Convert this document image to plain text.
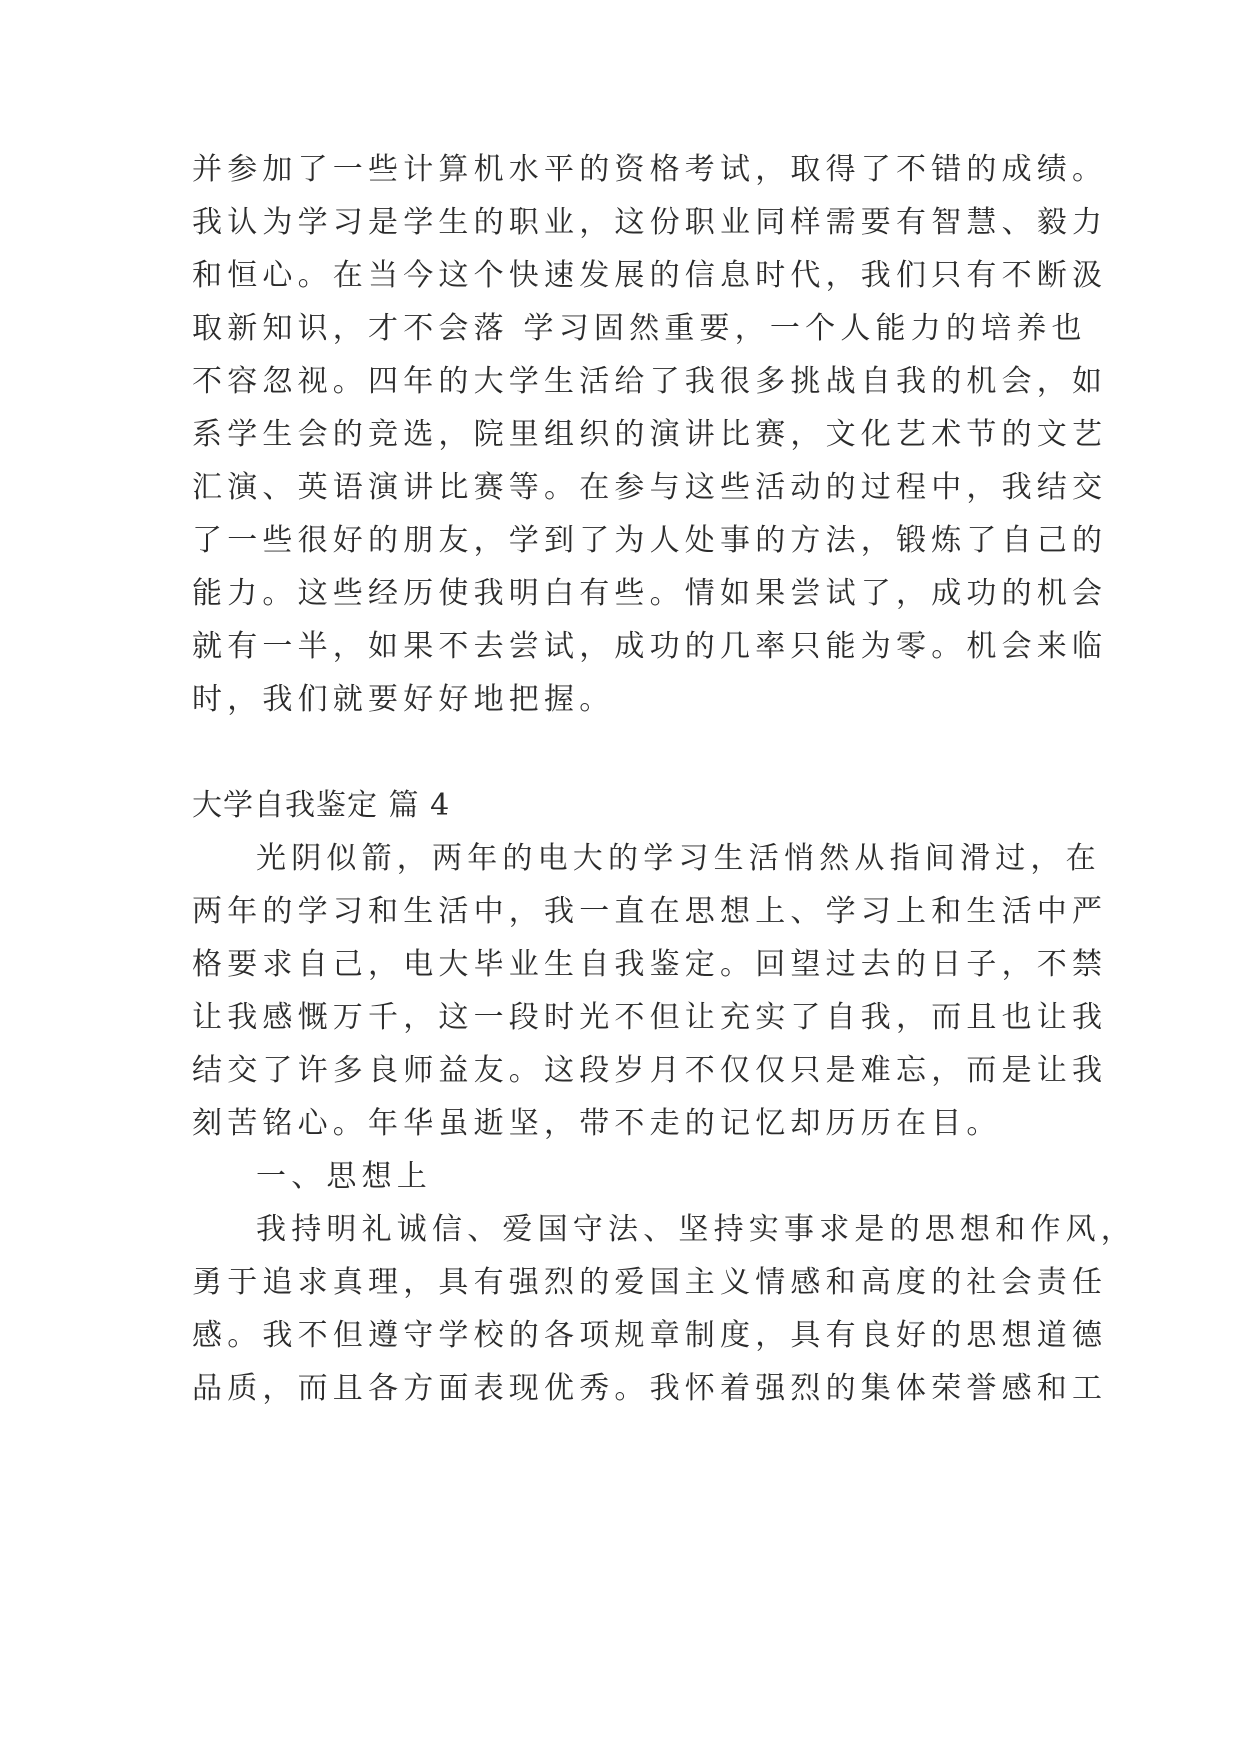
并参加了一些计算机水平的资格考试，取得了不错的成绩。
我认为学习是学生的职业，这份职业同样需要有智慧、毅力
和恒心。在当今这个快速发展的信息时代，我们只有不断汲
取新知识，才不会落 学习固然重要，一个人能力的培养也
不容忽视。四年的大学生活给了我很多挑战自我的机会，如
系学生会的竞选，院里组织的演讲比赛，文化艺术节的文艺
汇演、英语演讲比赛等。在参与这些活动的过程中，我结交
了一些很好的朋友，学到了为人处事的方法，锻炼了自己的
能力。这些经历使我明白有些。情如果尝试了，成功的机会
就有一半，如果不去尝试，成功的几率只能为零。机会来临
时，我们就要好好地把握。
大学自我鉴定 篇 4
光阴似箭，两年的电大的学习生活悄然从指间滑过，在
两年的学习和生活中，我一直在思想上、学习上和生活中严
格要求自己，电大毕业生自我鉴定。回望过去的日子，不禁
让我感慨万千，这一段时光不但让充实了自我，而且也让我
结交了许多良师益友。这段岁月不仅仅只是难忘，而是让我
刻苦铭心。年华虽逝坚，带不走的记忆却历历在目。
一、思想上
我持明礼诚信、爱国守法、坚持实事求是的思想和作风，
勇于追求真理，具有强烈的爱国主义情感和高度的社会责任
感。我不但遵守学校的各项规章制度，具有良好的思想道德
品质，而且各方面表现优秀。我怀着强烈的集体荣誉感和工
